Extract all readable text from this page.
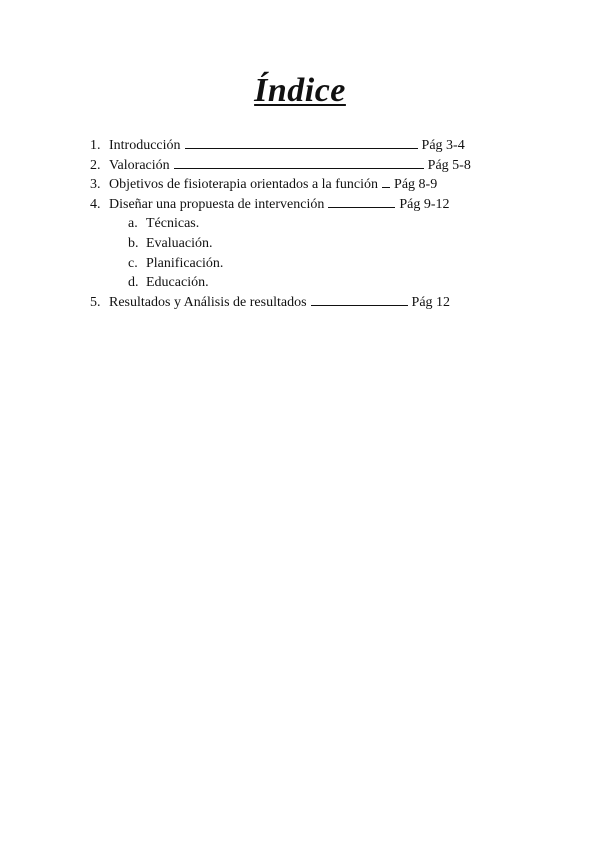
Índice
1. Introducción	Pág 3-4
2. Valoración	Pág 5-8
3. Objetivos de fisioterapia orientados a la función Pág 8-9
4. Diseñar una propuesta de intervención	Pág 9-12
a. Técnicas.
b. Evaluación.
c. Planificación.
d. Educación.
5. Resultados y Análisis de resultados	Pág 12
